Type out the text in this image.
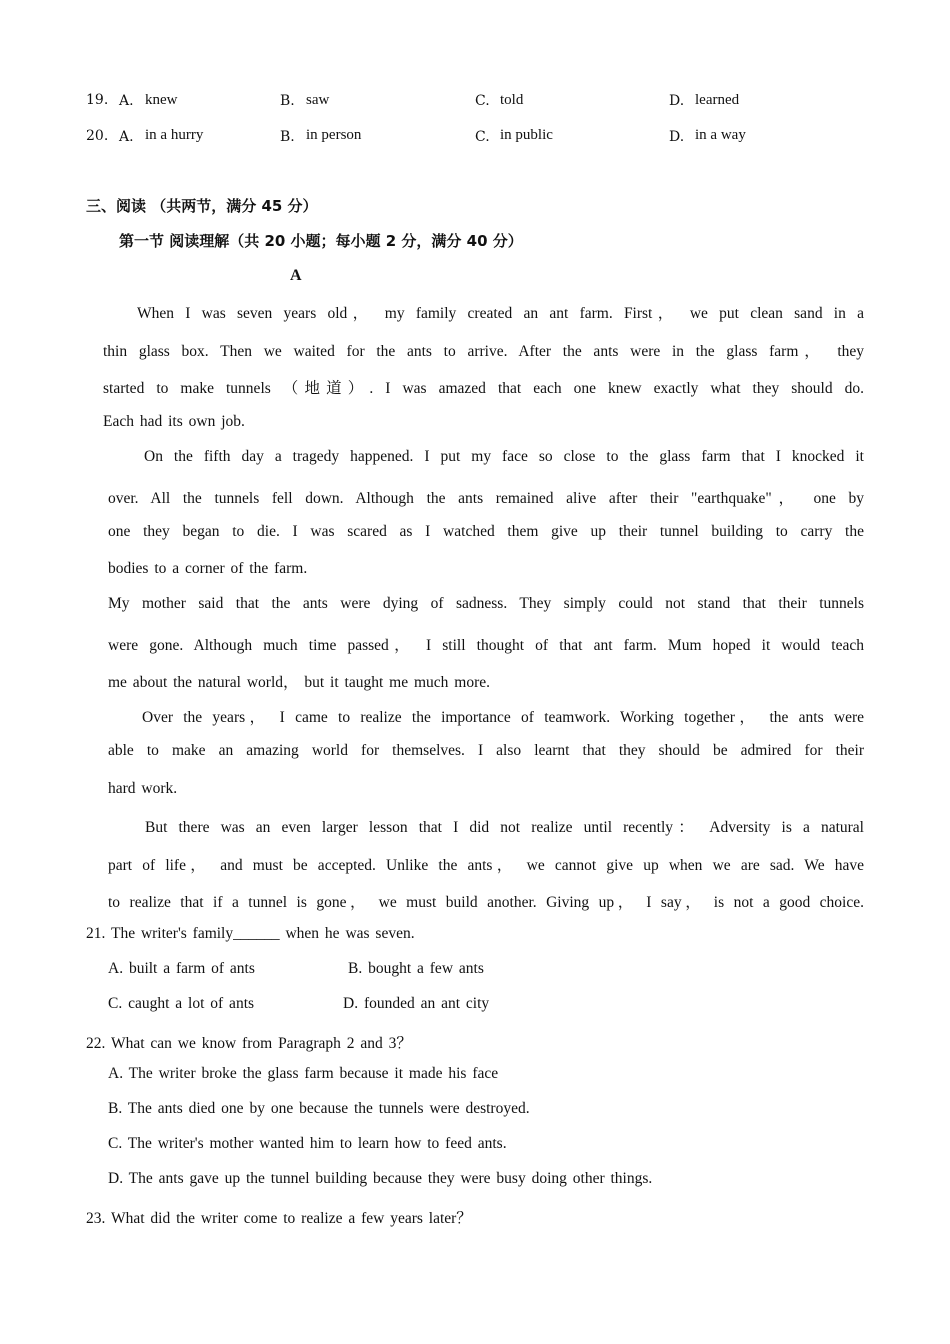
19. A. knew	B. saw	C. told	D. learned
20. A. in a hurry	B. in person	C. in public	D. in a way
三、阅读 （共两节，满分 45 分）
第一节 阅读理解（共 20 小题；每小题 2 分，满分 40 分）
A
When I was seven years old， my family created an ant farm. First， we put clean sand in a
thin glass box. Then we waited for the ants to arrive. After the ants were in the glass farm， they
started to make tunnels （地道）. I was amazed that each one knew exactly what they should do.
Each had its own job.
On the fifth day a tragedy happened. I put my face so close to the glass farm that I knocked it
over. All the tunnels fell down. Although the ants remained alive after their "earthquake"， one by
one they began to die. I was scared as I watched them give up their tunnel building to carry the
bodies to a corner of the farm.
My mother said that the ants were dying of sadness. They simply could not stand that their tunnels
were gone. Although much time passed， I still thought of that ant farm. Mum hoped it would teach
me about the natural world， but it taught me much more.
Over the years， I came to realize the importance of teamwork. Working together， the ants were
able to make an amazing world for themselves. I also learnt that they should be admired for their
hard work.
But there was an even larger lesson that I did not realize until recently： Adversity is a natural
part of life， and must be accepted. Unlike the ants， we cannot give up when we are sad. We have
to realize that if a tunnel is gone， we must build another. Giving up， I say， is not a good choice.
21. The writer's family______ when he was seven.
A. built a farm of ants	B. bought a few ants
C. caught a lot of ants	D. founded an ant city
22. What can we know from Paragraph 2 and 3？
A. The writer broke the glass farm because it made his face
B. The ants died one by one because the tunnels were destroyed.
C. The writer's mother wanted him to learn how to feed ants.
D. The ants gave up the tunnel building because they were busy doing other things.
23. What did the writer come to realize a few years later？
